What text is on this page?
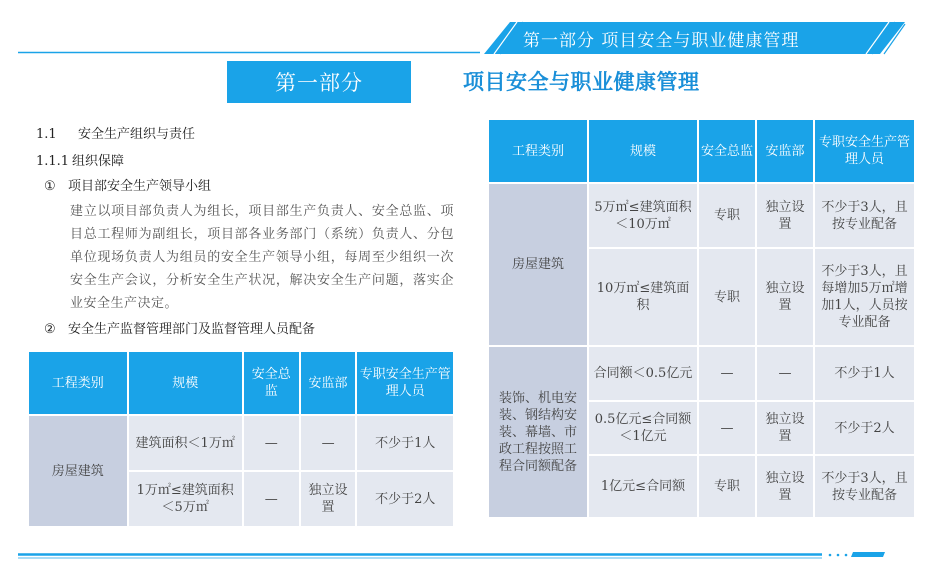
第一部分 项目安全与职业健康管理
第一部分	项目安全与职业健康管理
1.1 安全生产组织与责任
1.1.1 组织保障
① 项目部安全生产领导小组

建立以项目部负责人为组长，项目部生产负责人、安全总监、项目总工程师为副组长，项目部各业务部门（系统）负责人、分包单位现场负责人为组员的安全生产领导小组，每周至少组织一次安全生产会议，分析安全生产状况，解决安全生产问题，落实企业安全生产决定。

② 安全生产监督管理部门及监督管理人员配备
工程类别	规模	安全总监	安监部	专职安全生产管理人员
房屋建筑	建筑面积＜1万㎡	—	—	不少于1人
	1万㎡≤建筑面积＜5万㎡	—	独立设置	不少于2人
工程类别	规模	安全总监	安监部	专职安全生产管理人员
房屋建筑	5万㎡≤建筑面积＜10万㎡	专职	独立设置	不少于3人，且按专业配备
	10万㎡≤建筑面积	专职	独立设置	不少于3人，且每增加5万㎡增加1人，人员按专业配备
装饰、机电安装、钢结构安装、幕墙、市政工程按照工程合同额配备	合同额＜0.5亿元	—	—	不少于1人
	0.5亿元≤合同额＜1亿元	—	独立设置	不少于2人
	1亿元≤合同额	专职	独立设置	不少于3人，且按专业配备
